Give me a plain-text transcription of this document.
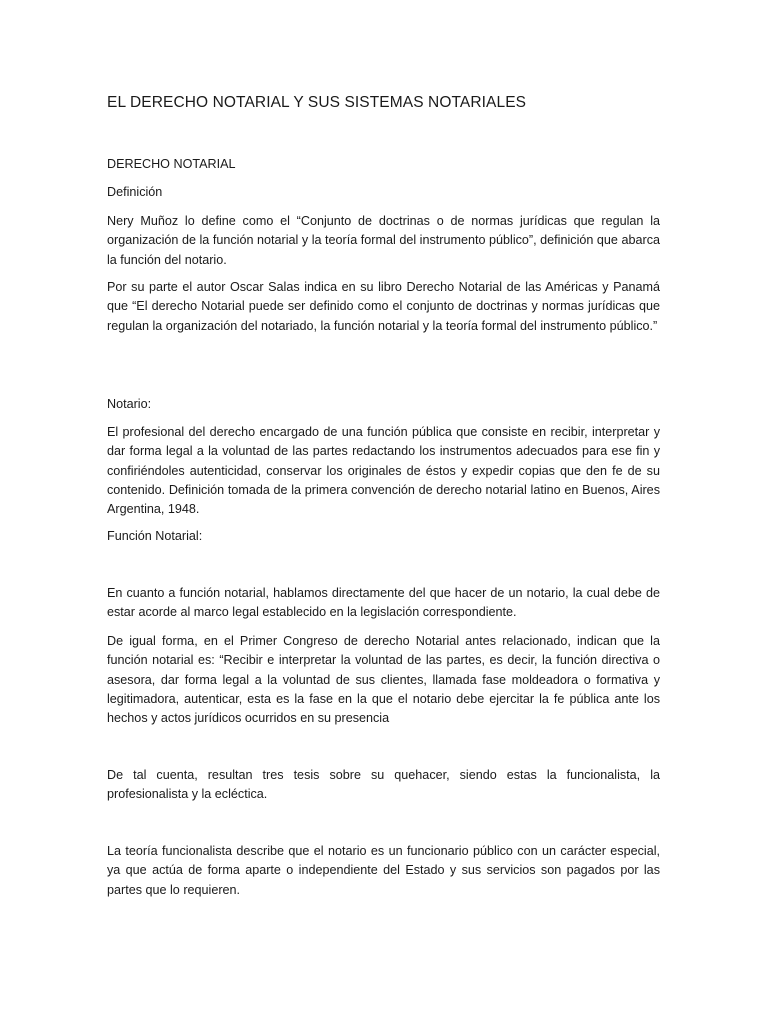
EL DERECHO NOTARIAL Y SUS SISTEMAS NOTARIALES

DERECHO NOTARIAL

Definición

Nery Muñoz lo define como el “Conjunto de doctrinas o de normas jurídicas que regulan la organización de la función notarial y la teoría formal del instrumento público”, definición que abarca la función del notario.

Por su parte el autor Oscar Salas indica en su libro Derecho Notarial de las Américas y Panamá que “El derecho Notarial puede ser definido como el conjunto de doctrinas y normas jurídicas que regulan la organización del notariado, la función notarial y la teoría formal del instrumento público.”

Notario:

El profesional del derecho encargado de una función pública que consiste en recibir, interpretar y dar forma legal a la voluntad de las partes redactando los instrumentos adecuados para ese fin y confiriéndoles autenticidad, conservar los originales de éstos y expedir copias que den fe de su contenido. Definición tomada de la primera convención de derecho notarial latino en Buenos, Aires Argentina, 1948.

Función Notarial:

En cuanto a función notarial, hablamos directamente del que hacer de un notario, la cual debe de estar acorde al marco legal establecido en la legislación correspondiente.

De igual forma, en el Primer Congreso de derecho Notarial antes relacionado, indican que la función notarial es: “Recibir e interpretar la voluntad de las partes, es decir, la función directiva o asesora, dar forma legal a la voluntad de sus clientes, llamada fase moldeadora o formativa y legitimadora, autenticar, esta es la fase en la que el notario debe ejercitar la fe pública ante los hechos y actos jurídicos ocurridos en su presencia

De tal cuenta, resultan tres tesis sobre su quehacer, siendo estas la funcionalista, la profesionalista y la ecléctica.

La teoría funcionalista describe que el notario es un funcionario público con un carácter especial, ya que actúa de forma aparte o independiente del Estado y sus servicios son pagados por las partes que lo requieren.
